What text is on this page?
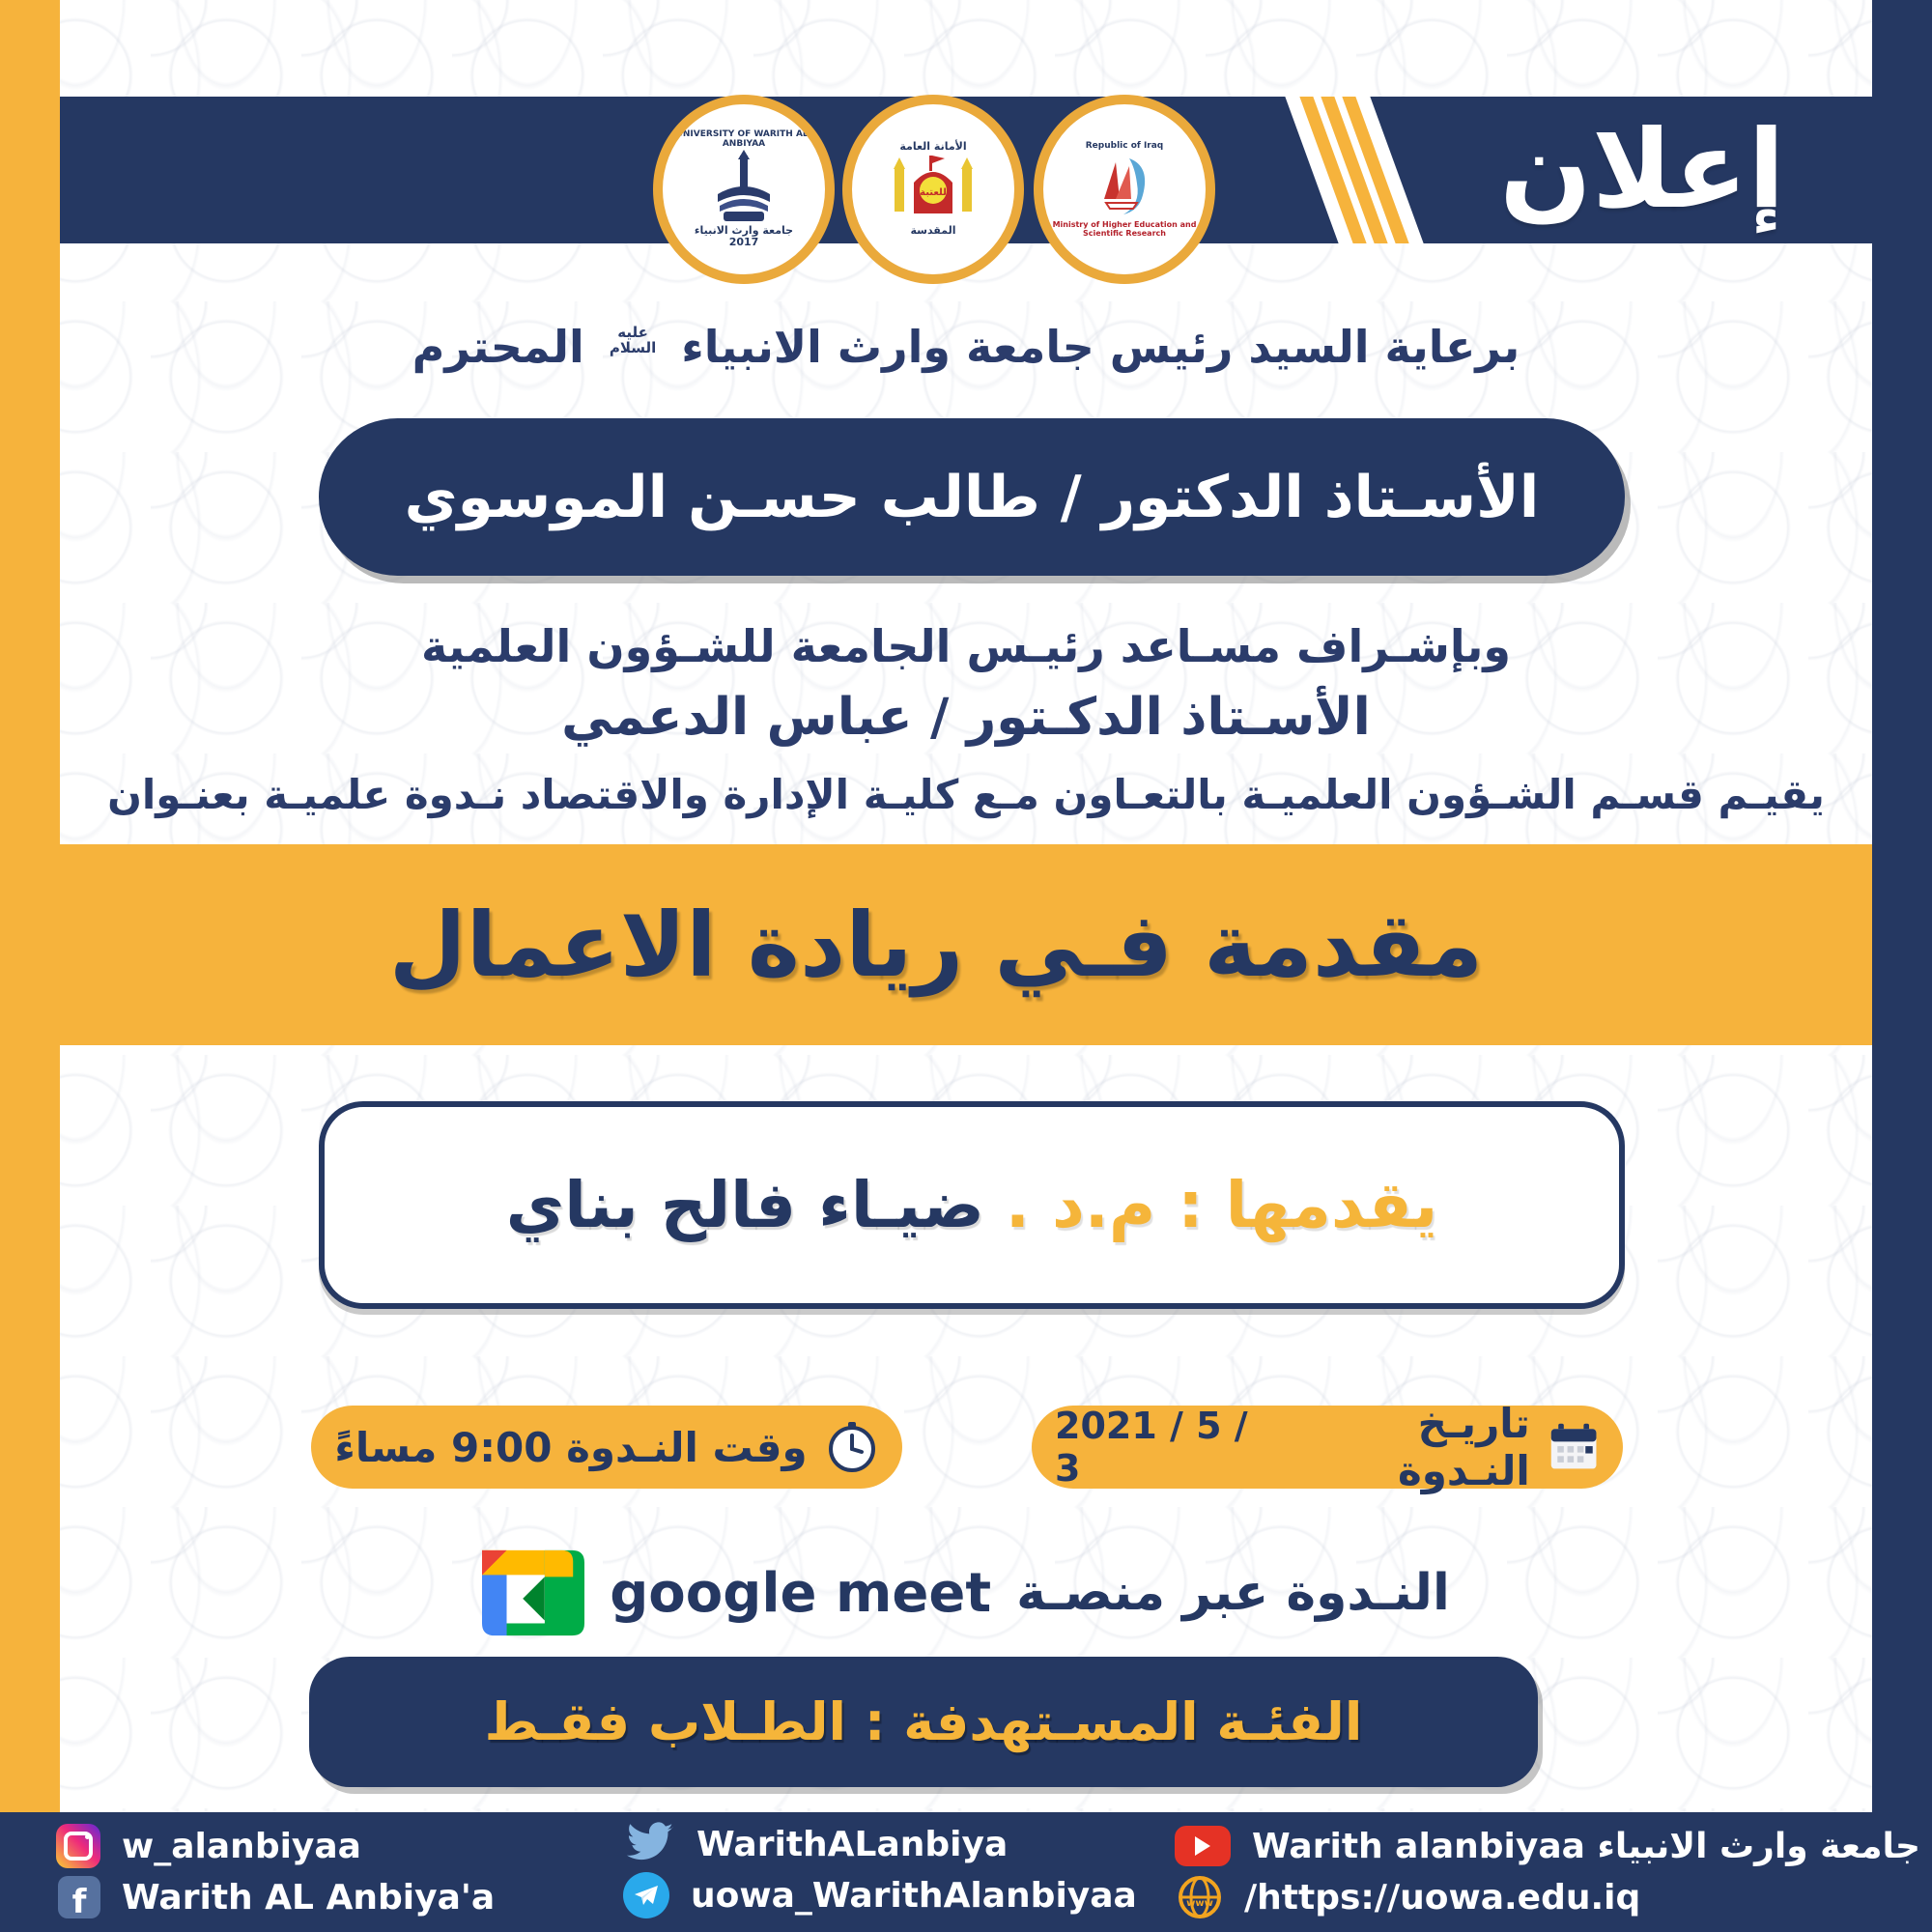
إعلان
UNIVERSITY OF WARITH AL-ANBIYAA
جامعة وارث الانبياء
2017
الأمانة العامة
للعتبة
المقدسة
Republic of Iraq
Ministry of Higher Education and Scientific Research
برعاية السيد رئيس جامعة وارث الانبياء
عليه
السلام
المحترم
الأسـتاذ الدكتور / طالب حسـن الموسوي
وبإشـراف مسـاعد رئيـس الجامعة للشـؤون العلمية
الأسـتاذ الدكـتور / عباس الدعمي
يقيـم قسـم الشـؤون العلميـة بالتعـاون مـع كليـة الإدارة والاقتصاد نـدوة علميـة بعنـوان
مقدمة فـي ريادة الاعمال
يقدمها : م.د .
ضيـاء فالح بناي
تاريـخ النـدوة
2021 / 5 / 3
وقت النـدوة 9:00 مساءً
النـدوة عبر منصـة
google meet
الفئـة المسـتهدفة : الطـلاب فقـط
w_alanbiyaa
f	Warith AL Anbiya'a
WarithALanbiya
uowa_WarithAlanbiyaa
Warith alanbiyaa جامعة وارث الانبياء
www /https://uowa.edu.iq
